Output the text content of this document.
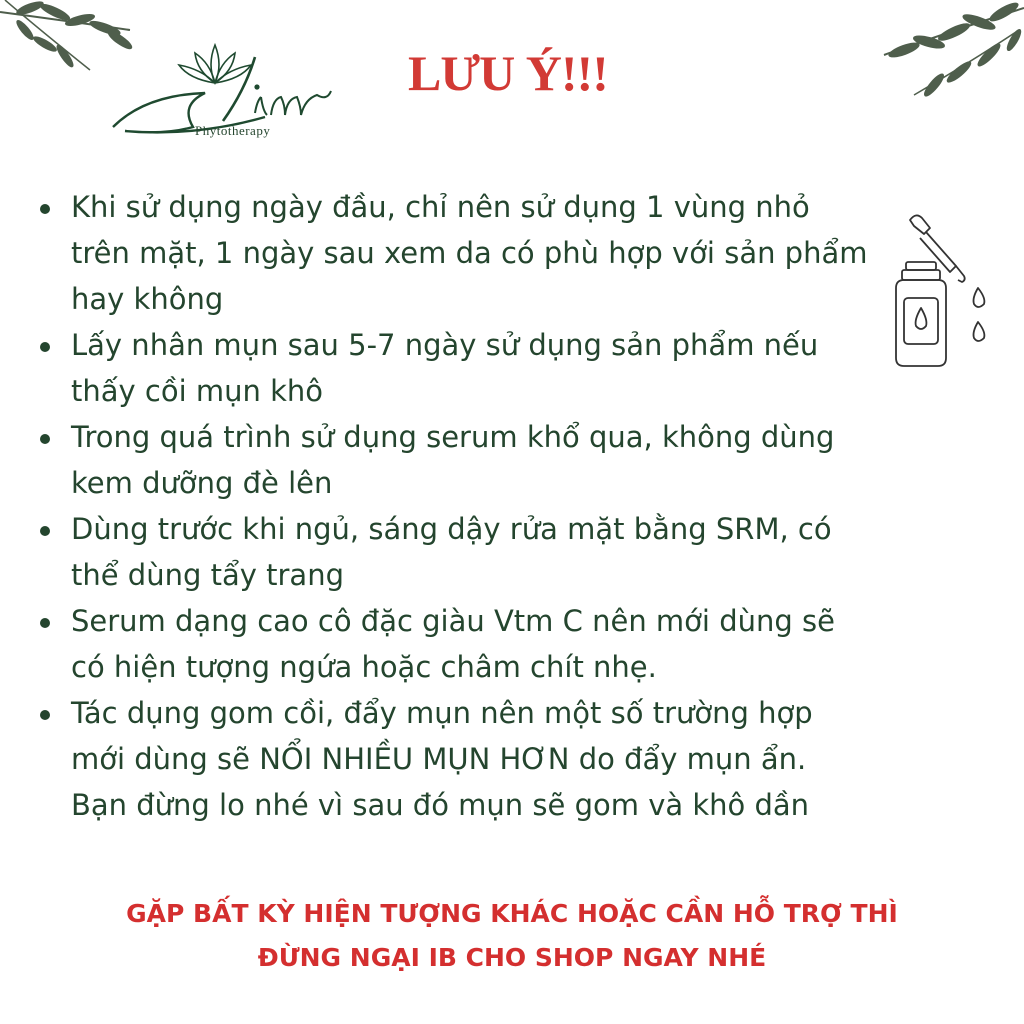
Phytotherapy
LƯU Ý!!!
Khi sử dụng ngày đầu, chỉ nên sử dụng 1 vùng nhỏ
trên mặt, 1 ngày sau xem da có phù hợp với sản phẩm
hay không
Lấy nhân mụn sau 5-7 ngày sử dụng sản phẩm nếu
thấy cồi mụn khô
Trong quá trình sử dụng serum khổ qua, không dùng
kem dưỡng đè lên
Dùng trước khi ngủ, sáng dậy rửa mặt bằng SRM, có
thể dùng tẩy trang
Serum dạng cao cô đặc giàu Vtm C nên mới dùng sẽ
có hiện tượng ngứa hoặc châm chít nhẹ.
Tác dụng gom cồi, đẩy mụn nên một số trường hợp
mới dùng sẽ NỔI NHIỀU MỤN HƠN do đẩy mụn ẩn.
Bạn đừng lo nhé vì sau đó mụn sẽ gom và khô dần
GẶP BẤT KỲ HIỆN TƯỢNG KHÁC HOẶC CẦN HỖ TRỢ THÌ
ĐỪNG NGẠI IB CHO SHOP NGAY NHÉ
